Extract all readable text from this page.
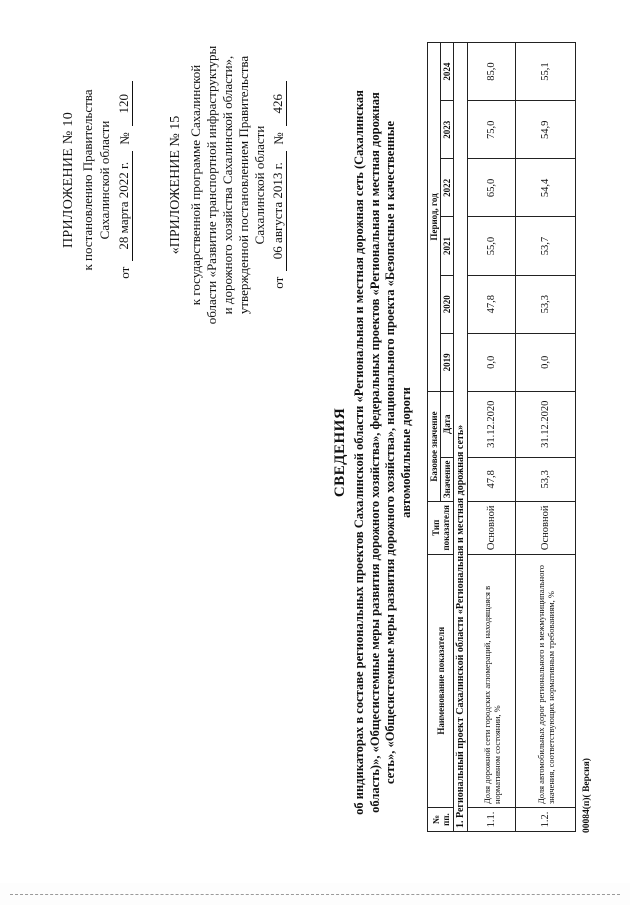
ПРИЛОЖЕНИЕ № 10 к постановлению Правительства Сахалинской области
от
28 марта 2022 г.
№
120
«ПРИЛОЖЕНИЕ № 15 к государственной программе Сахалинской области «Развитие транспортной инфраструктуры и дорожного хозяйства Сахалинской области», утвержденной постановлением Правительства Сахалинской области
от
06 августа 2013 г.
№
426
СВЕДЕНИЯ об индикаторах в составе региональных проектов Сахалинской области «Региональная и местная дорожная сеть (Сахалинская область)», «Общесистемные меры развития дорожного хозяйства», федеральных проектов «Региональная и местная дорожная сеть», «Общесистемные меры развития дорожного хозяйства», национального проекта «Безопасные и качественные автомобильные дороги
№ пп.	Наименование показателя	Тип показателя	Базовое значение		Период, год					
			Значение	Дата	2019	2020	2021	2022	2023	2024
1. Региональный проект Сахалинской области «Региональная и местная дорожная сеть»										
1.1.	Доля дорожной сети городских агломераций, находящаяся в нормативном состоянии, %	Основной	47,8	31.12.2020	0,0	47,8	55,0	65,0	75,0	85,0
1.2.	Доля автомобильных дорог регионального и межмуниципального значения, соответствующих нормативным требованиям, %	Основной	53,3	31.12.2020	0,0	53,3	53,7	54,4	54,9	55,1
00084(п)( Версия)
